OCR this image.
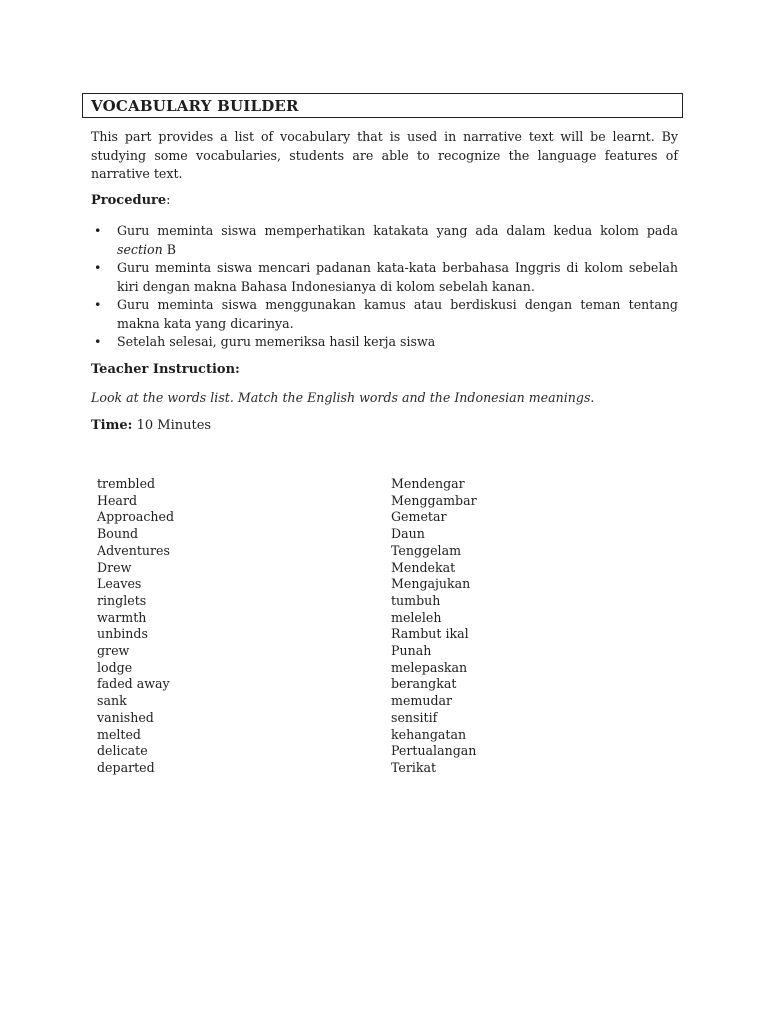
VOCABULARY BUILDER
This part provides a list of vocabulary that is used in narrative text will be learnt. By studying some vocabularies, students are able to recognize the language features of narrative text.
Procedure:
• Guru meminta siswa memperhatikan katakata yang ada dalam kedua kolom pada section B
• Guru meminta siswa mencari padanan kata-kata berbahasa Inggris di kolom sebelah kiri dengan makna Bahasa Indonesianya di kolom sebelah kanan.
• Guru meminta siswa menggunakan kamus atau berdiskusi dengan teman tentang makna kata yang dicarinya.
• Setelah selesai, guru memeriksa hasil kerja siswa
Teacher Instruction:
Look at the words list. Match the English words and the Indonesian meanings.
Time: 10 Minutes
trembled
Heard
Approached
Bound
Adventures
Drew
Leaves
ringlets
warmth
unbinds
grew
lodge
faded away
sank
vanished
melted
delicate
departed
Mendengar
Menggambar
Gemetar
Daun
Tenggelam
Mendekat
Mengajukan
tumbuh
meleleh
Rambut ikal
Punah
melepaskan
berangkat
memudar
sensitif
kehangatan
Pertualangan
Terikat
